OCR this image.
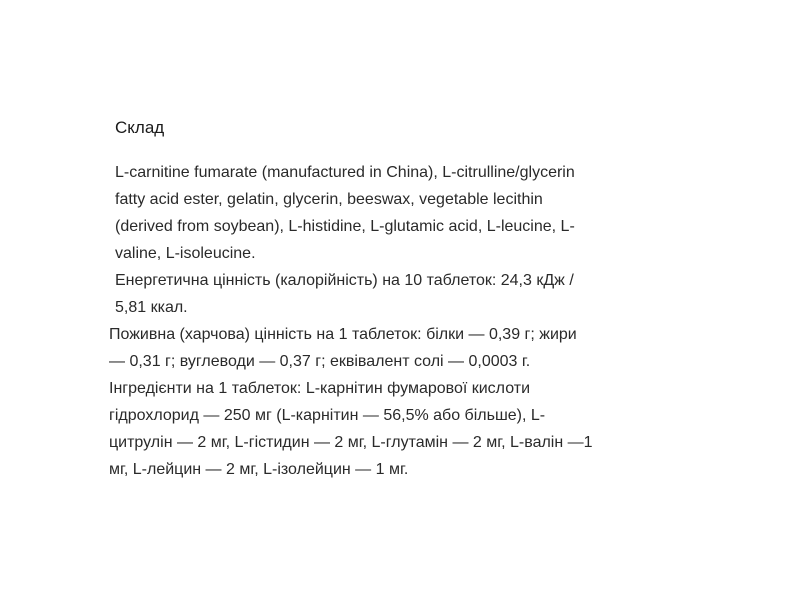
Склад
L-carnitine fumarate (manufactured in China), L-citrulline/glycerin
fatty acid ester, gelatin, glycerin, beeswax, vegetable lecithin
(derived from soybean), L-histidine, L-glutamic acid, L-leucine, L-
valine, L-isoleucine.
Енергетична цінність (калорійність) на 10 таблеток: 24,3 кДж /
5,81 ккал.
Поживна (харчова) цінність на 1 таблеток: білки — 0,39 г; жири
— 0,31 г; вуглеводи — 0,37 г; еквівалент солі — 0,0003 г.
Інгредієнти на 1 таблеток: L-карнітин фумарової кислоти
гідрохлорид — 250 мг (L-карнітин — 56,5% або більше), L-
цитрулін — 2 мг, L-гістидин — 2 мг, L-глутамін — 2 мг, L-валін —1
мг, L-лейцин — 2 мг, L-ізолейцин — 1 мг.
